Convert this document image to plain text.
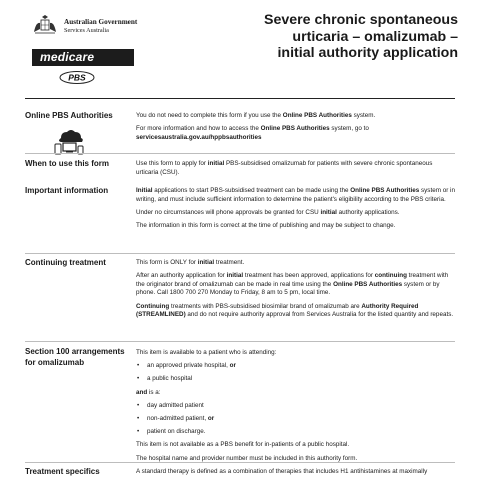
Australian Government
Services Australia
medicare
PBS
Severe chronic spontaneous
urticaria – omalizumab –
initial authority application
Online PBS Authorities	You do not need to complete this form if you use the Online PBS Authorities system.

For more information and how to access the Online PBS Authorities system, go to
servicesaustralia.gov.au/hppbsauthorities

When to use this form	Use this form to apply for initial PBS-subsidised omalizumab for patients with severe chronic spontaneous urticaria (CSU).

Important information	Initial applications to start PBS-subsidised treatment can be made using the Online PBS Authorities system or in writing, and must include sufficient information to determine the patient's eligibility according to the PBS criteria.

Under no circumstances will phone approvals be granted for CSU initial authority applications.

The information in this form is correct at the time of publishing and may be subject to change.

Continuing treatment	This form is ONLY for initial treatment.

After an authority application for initial treatment has been approved, applications for continuing treatment with the originator brand of omalizumab can be made in real time using the Online PBS Authorities system or by phone. Call 1800 700 270 Monday to Friday, 8 am to 5 pm, local time.

Continuing treatments with PBS-subsidised biosimilar brand of omalizumab are Authority Required (STREAMLINED) and do not require authority approval from Services Australia for the listed quantity and repeats.

Section 100 arrangements
for omalizumab

This item is available to a patient who is attending:

• an approved private hospital, or
• a public hospital

and is a:

• day admitted patient
• non-admitted patient, or
• patient on discharge.

This item is not available as a PBS benefit for in-patients of a public hospital.

The hospital name and provider number must be included in this authority form.

Treatment specifics	A standard therapy is defined as a combination of therapies that includes H1 antihistamines at maximally
